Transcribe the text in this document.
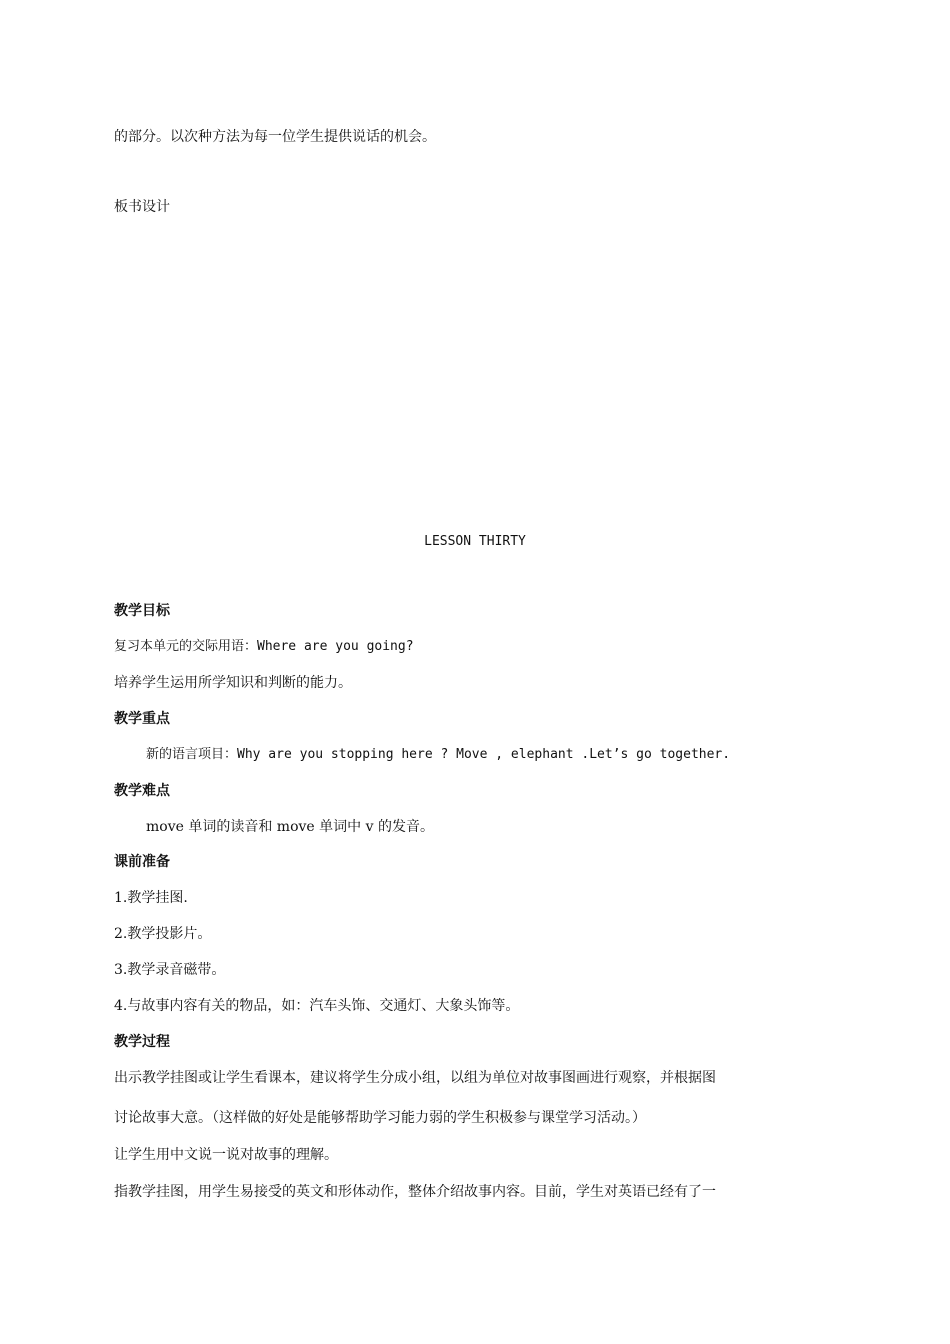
的部分。以次种方法为每一位学生提供说话的机会。
板书设计
LESSON THIRTY
教学目标
复习本单元的交际用语：Where are you going?
培养学生运用所学知识和判断的能力。
教学重点
新的语言项目：Why are you stopping here ? Move , elephant .Let’s go together.
教学难点
move 单词的读音和 move 单词中 v 的发音。
课前准备
1.教学挂图.
2.教学投影片。
3.教学录音磁带。
4.与故事内容有关的物品，如：汽车头饰、交通灯、大象头饰等。
教学过程
出示教学挂图或让学生看课本，建议将学生分成小组，以组为单位对故事图画进行观察，并根据图
讨论故事大意。（这样做的好处是能够帮助学习能力弱的学生积极参与课堂学习活动。）
让学生用中文说一说对故事的理解。
指教学挂图，用学生易接受的英文和形体动作，整体介绍故事内容。目前，学生对英语已经有了一
